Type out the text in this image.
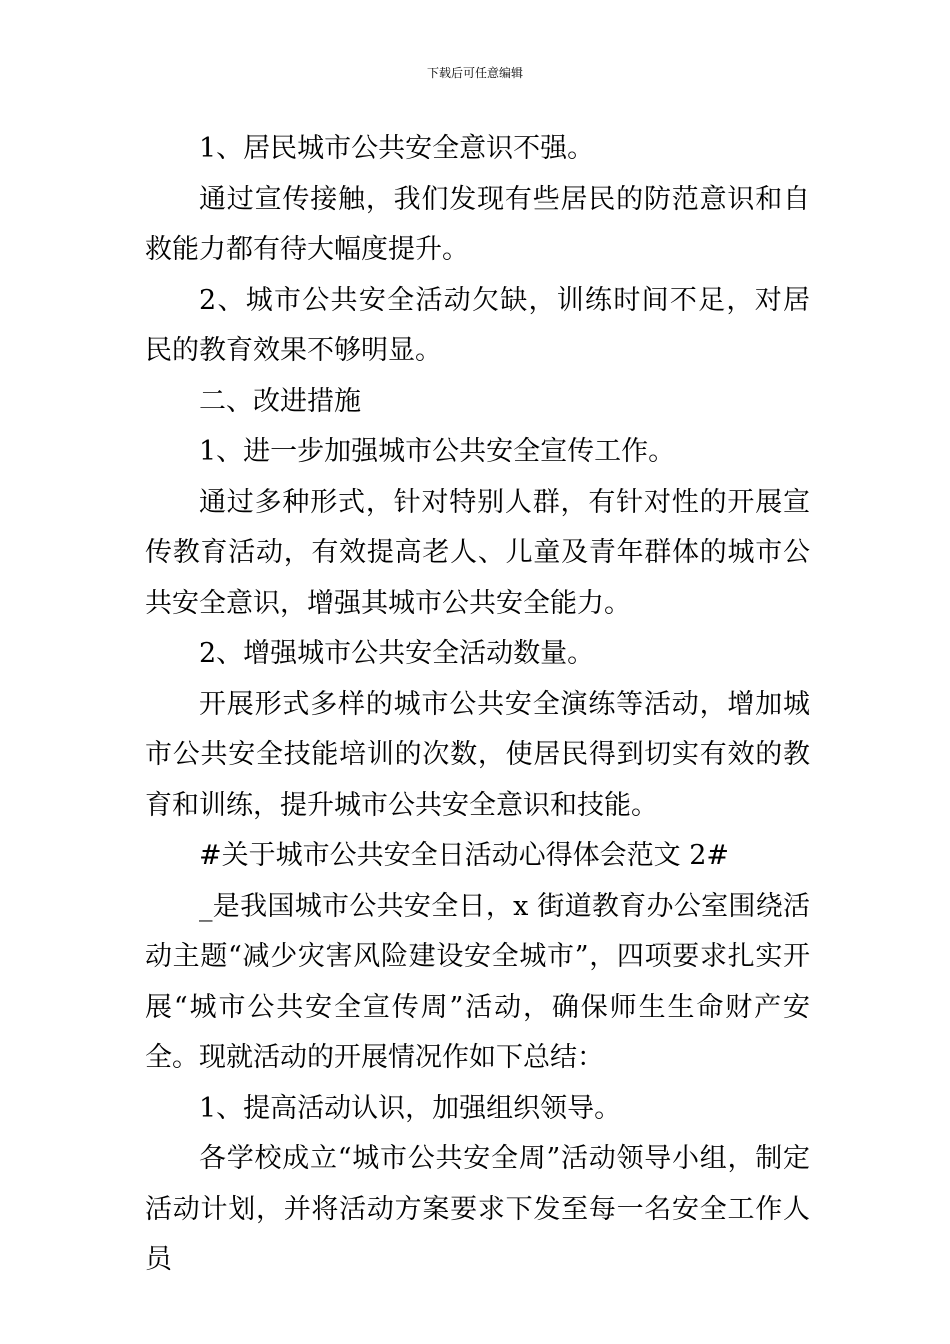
下载后可任意编辑

1、居民城市公共安全意识不强。

通过宣传接触，我们发现有些居民的防范意识和自救能力都有待大幅度提升。

2、城市公共安全活动欠缺，训练时间不足，对居民的教育效果不够明显。

二、改进措施

1、进一步加强城市公共安全宣传工作。

通过多种形式，针对特别人群，有针对性的开展宣传教育活动，有效提高老人、儿童及青年群体的城市公共安全意识，增强其城市公共安全能力。

2、增强城市公共安全活动数量。

开展形式多样的城市公共安全演练等活动，增加城市公共安全技能培训的次数，使居民得到切实有效的教育和训练，提升城市公共安全意识和技能。

#关于城市公共安全日活动心得体会范文 2#

_是我国城市公共安全日，x 街道教育办公室围绕活动主题“减少灾害风险建设安全城市”，四项要求扎实开展“城市公共安全宣传周”活动，确保师生生命财产安全。现就活动的开展情况作如下总结：

1、提高活动认识，加强组织领导。

各学校成立“城市公共安全周”活动领导小组，制定活动计划，并将活动方案要求下发至每一名安全工作人员
